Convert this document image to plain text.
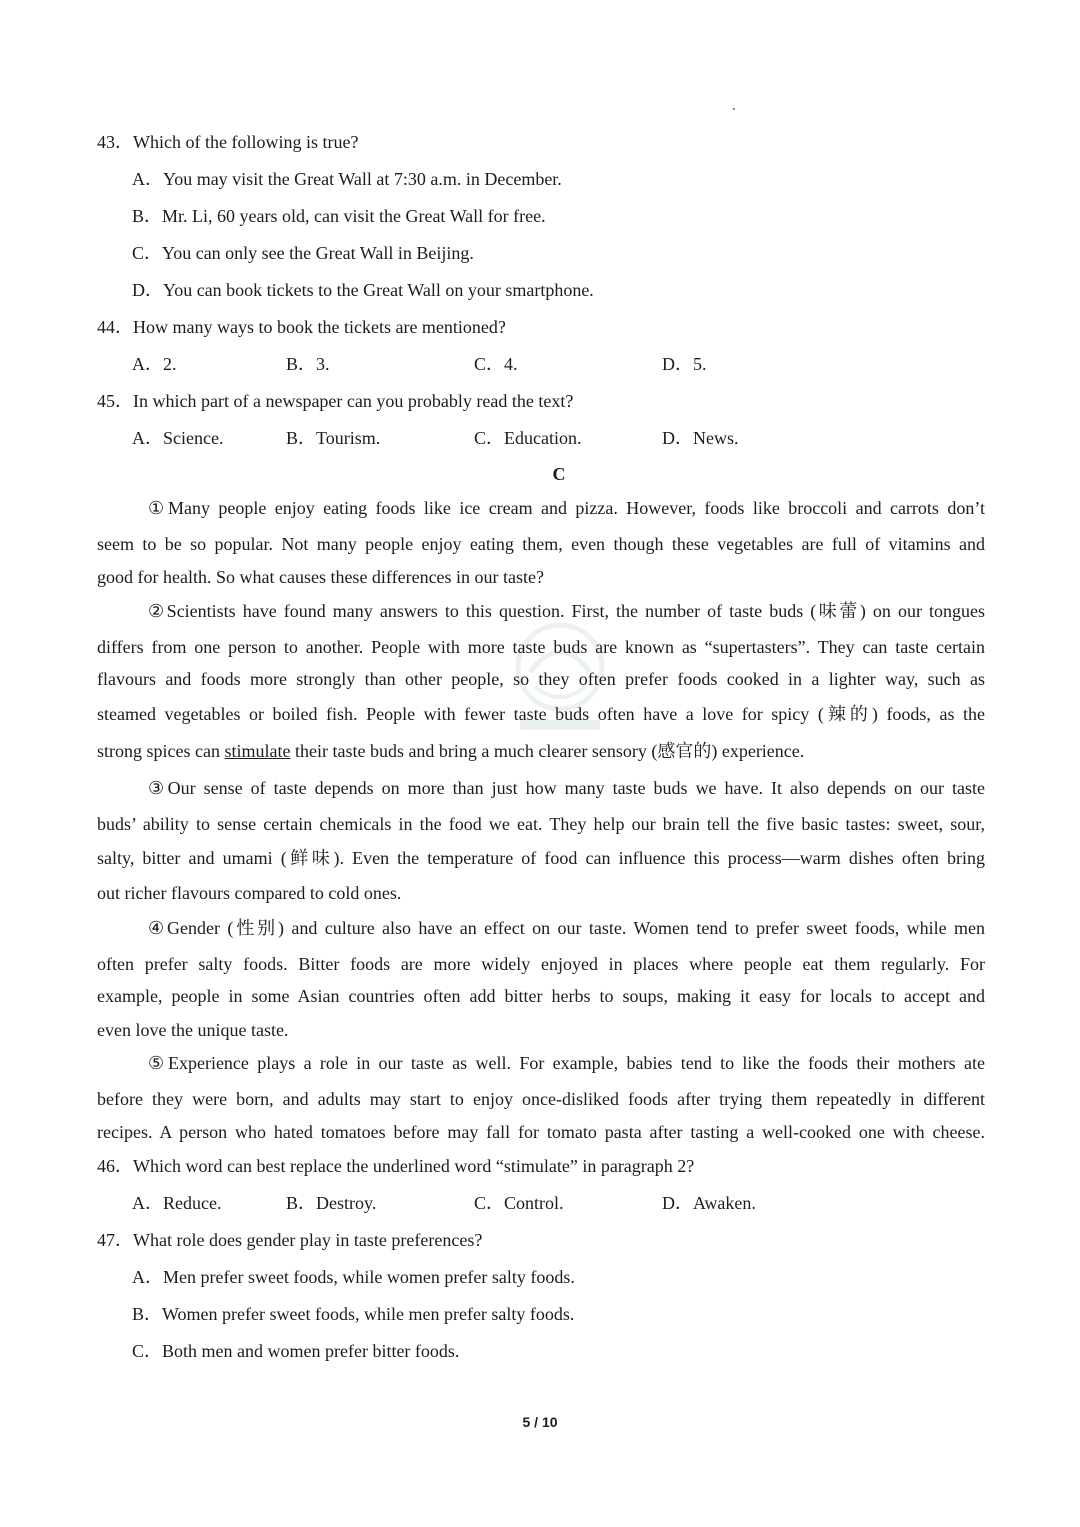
43．Which of the following is true?
A．You may visit the Great Wall at 7:30 a.m. in December.
B．Mr. Li, 60 years old, can visit the Great Wall for free.
C．You can only see the Great Wall in Beijing.
D．You can book tickets to the Great Wall on your smartphone.
44．How many ways to book the tickets are mentioned?
A．2.	B．3.	C．4.	D．5.
45．In which part of a newspaper can you probably read the text?
A．Science.	B．Tourism.	C．Education.	D．News.
C
①Many people enjoy eating foods like ice cream and pizza. However, foods like broccoli and carrots don’t
seem to be so popular. Not many people enjoy eating them, even though these vegetables are full of vitamins and
good for health. So what causes these differences in our taste?
②Scientists have found many answers to this question. First, the number of taste buds (味蕾) on our tongues
differs from one person to another. People with more taste buds are known as “supertasters”. They can taste certain
flavours and foods more strongly than other people, so they often prefer foods cooked in a lighter way, such as
steamed vegetables or boiled fish. People with fewer taste buds often have a love for spicy (辣的) foods, as the
strong spices can stimulate their taste buds and bring a much clearer sensory (感官的) experience.
③Our sense of taste depends on more than just how many taste buds we have. It also depends on our taste
buds’ ability to sense certain chemicals in the food we eat. They help our brain tell the five basic tastes: sweet, sour,
salty, bitter and umami (鲜味). Even the temperature of food can influence this process—warm dishes often bring
out richer flavours compared to cold ones.
④Gender (性别) and culture also have an effect on our taste. Women tend to prefer sweet foods, while men
often prefer salty foods. Bitter foods are more widely enjoyed in places where people eat them regularly. For
example, people in some Asian countries often add bitter herbs to soups, making it easy for locals to accept and
even love the unique taste.
⑤Experience plays a role in our taste as well. For example, babies tend to like the foods their mothers ate
before they were born, and adults may start to enjoy once-disliked foods after trying them repeatedly in different
recipes. A person who hated tomatoes before may fall for tomato pasta after tasting a well-cooked one with cheese.
46．Which word can best replace the underlined word “stimulate” in paragraph 2?
A．Reduce.	B．Destroy.	C．Control.	D．Awaken.
47．What role does gender play in taste preferences?
A．Men prefer sweet foods, while women prefer salty foods.
B．Women prefer sweet foods, while men prefer salty foods.
C．Both men and women prefer bitter foods.
5 / 10
